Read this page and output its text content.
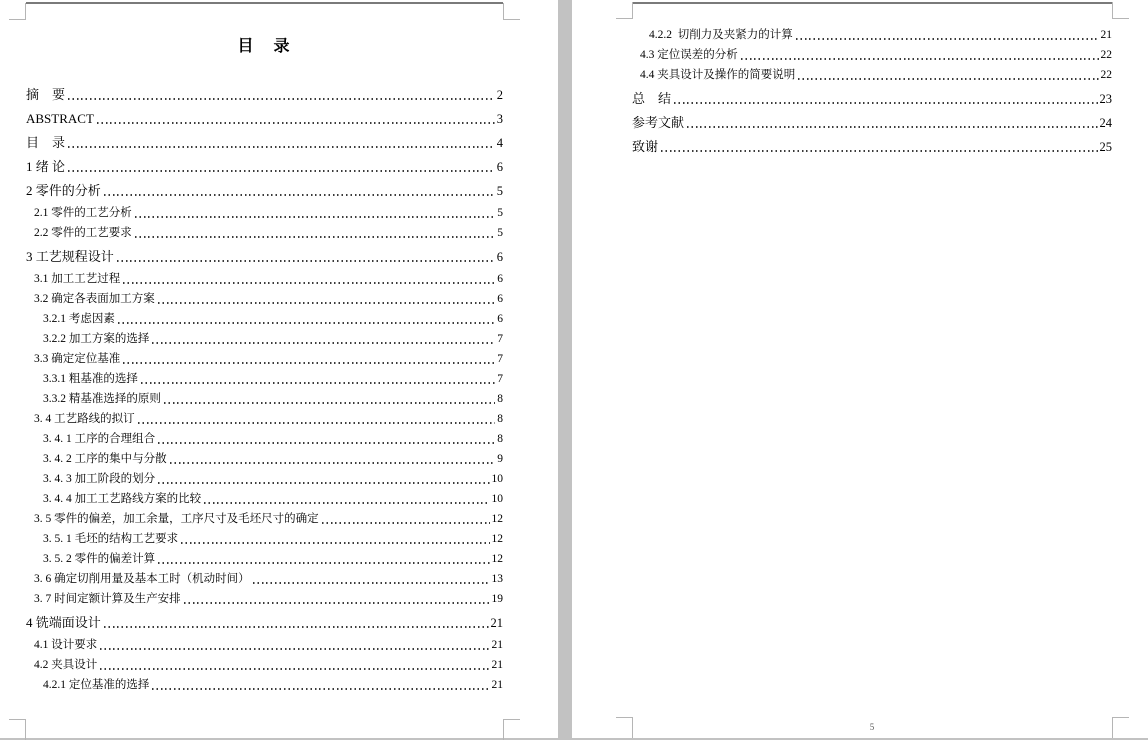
目　录
摘　要	2
ABSTRACT	3
目　录	4
1 绪 论	6
2 零件的分析	5
2.1 零件的工艺分析	5
2.2 零件的工艺要求	5
3 工艺规程设计	6
3.1 加工工艺过程	6
3.2 确定各表面加工方案	6
3.2.1 考虑因素	6
3.2.2 加工方案的选择	7
3.3 确定定位基准	7
3.3.1 粗基准的选择	7
3.3.2 精基准选择的原则	8
3. 4 工艺路线的拟订	8
3. 4. 1 工序的合理组合	8
3. 4. 2 工序的集中与分散	9
3. 4. 3 加工阶段的划分	10
3. 4. 4 加工工艺路线方案的比较	10
3. 5 零件的偏差，加工余量，工序尺寸及毛坯尺寸的确定	12
3. 5. 1 毛坯的结构工艺要求	12
3. 5. 2 零件的偏差计算	12
3. 6 确定切削用量及基本工时（机动时间）	13
3. 7 时间定额计算及生产安排	19
4 铣端面设计	21
4.1 设计要求	21
4.2 夹具设计	21
4.2.1 定位基准的选择	21
4.2.2  切削力及夹紧力的计算	21
4.3 定位误差的分析	22
4.4 夹具设计及操作的简要说明	22
总　结	23
参考文献	24
致谢	25
5
